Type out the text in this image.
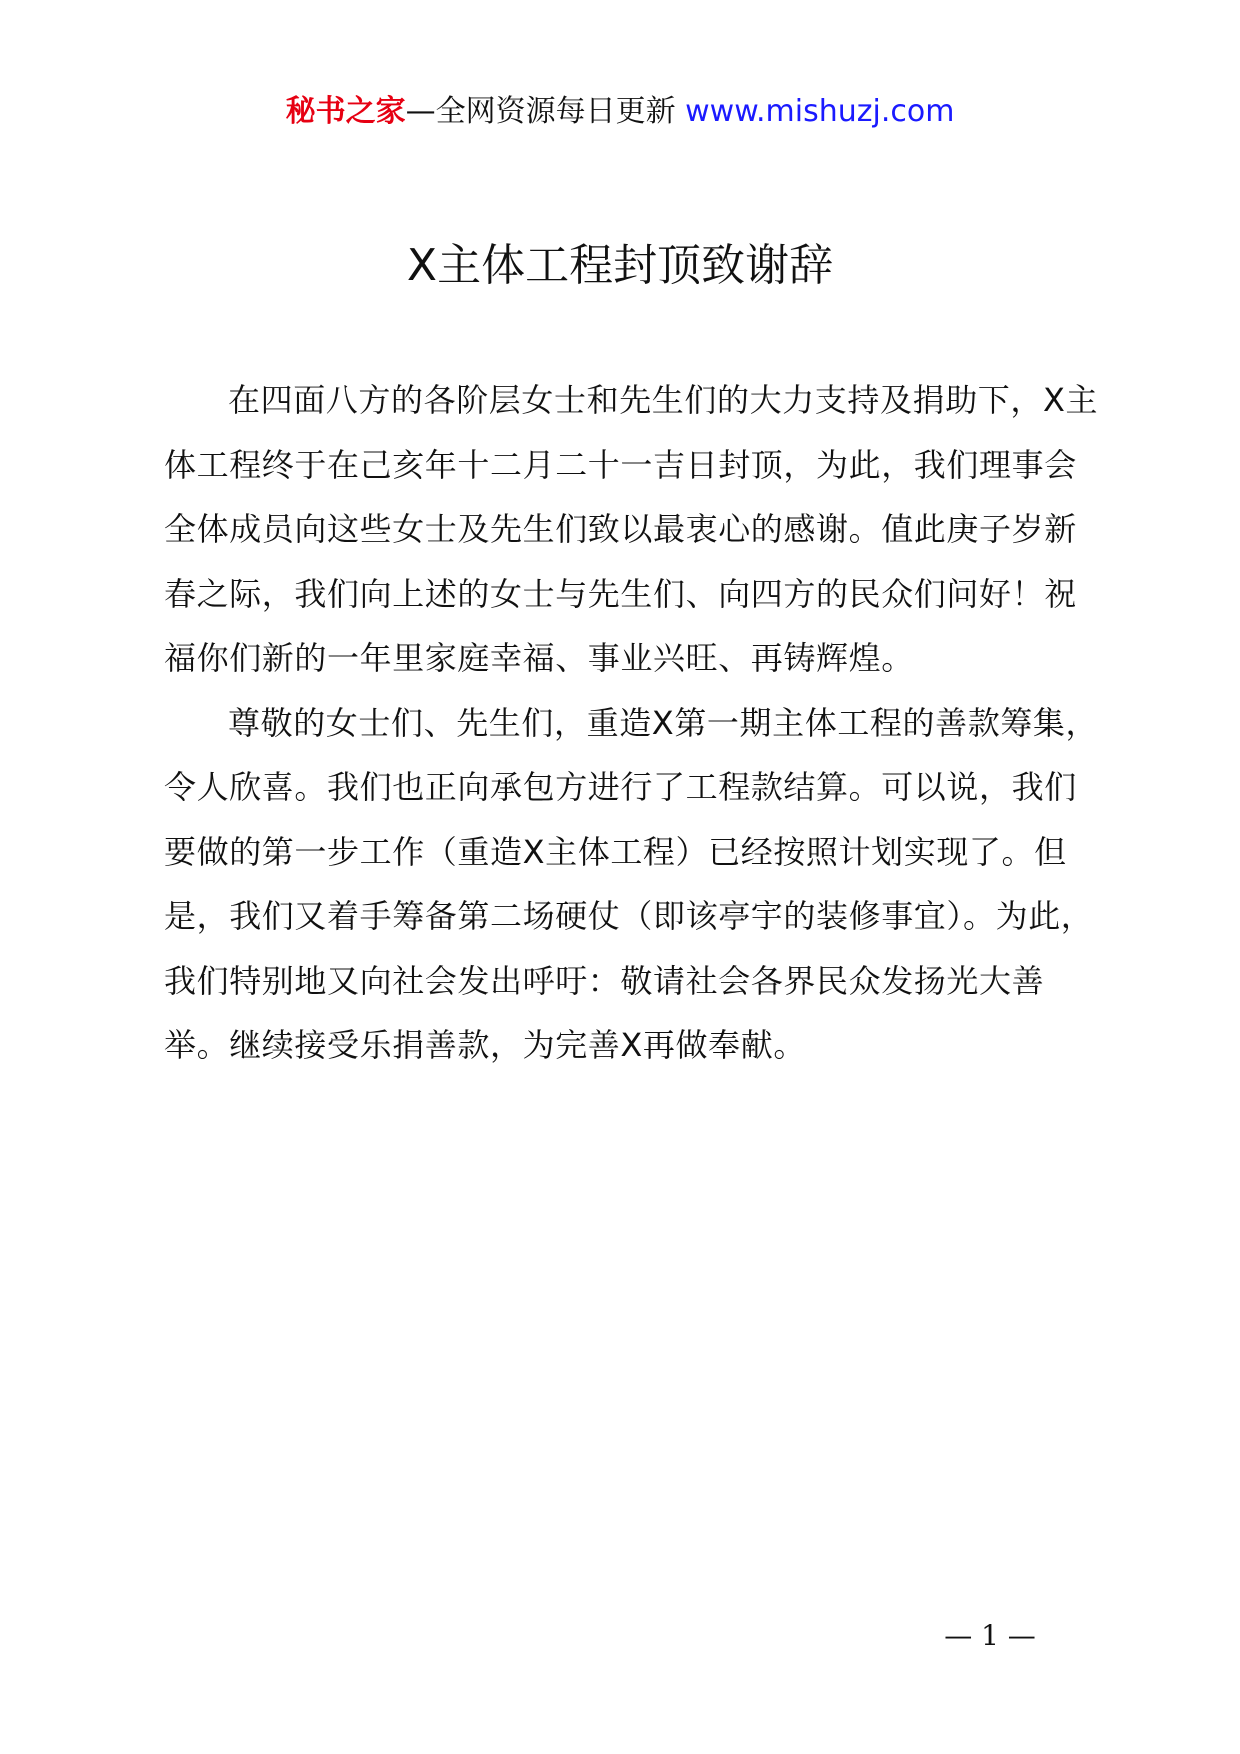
秘书之家—全网资源每日更新 www.mishuzj.com
X主体工程封顶致谢辞

在四面八方的各阶层女士和先生们的大力支持及捐助下，X主体工程终于在己亥年十二月二十一吉日封顶，为此，我们理事会全体成员向这些女士及先生们致以最衷心的感谢。值此庚子岁新春之际，我们向上述的女士与先生们、向四方的民众们问好！祝福你们新的一年里家庭幸福、事业兴旺、再铸辉煌。

尊敬的女士们、先生们，重造X第一期主体工程的善款筹集，令人欣喜。我们也正向承包方进行了工程款结算。可以说，我们要做的第一步工作（重造X主体工程）已经按照计划实现了。但是，我们又着手筹备第二场硬仗（即该亭宇的装修事宜）。为此，我们特别地又向社会发出呼吁：敬请社会各界民众发扬光大善举。继续接受乐捐善款，为完善X再做奉献。

— 1 —
